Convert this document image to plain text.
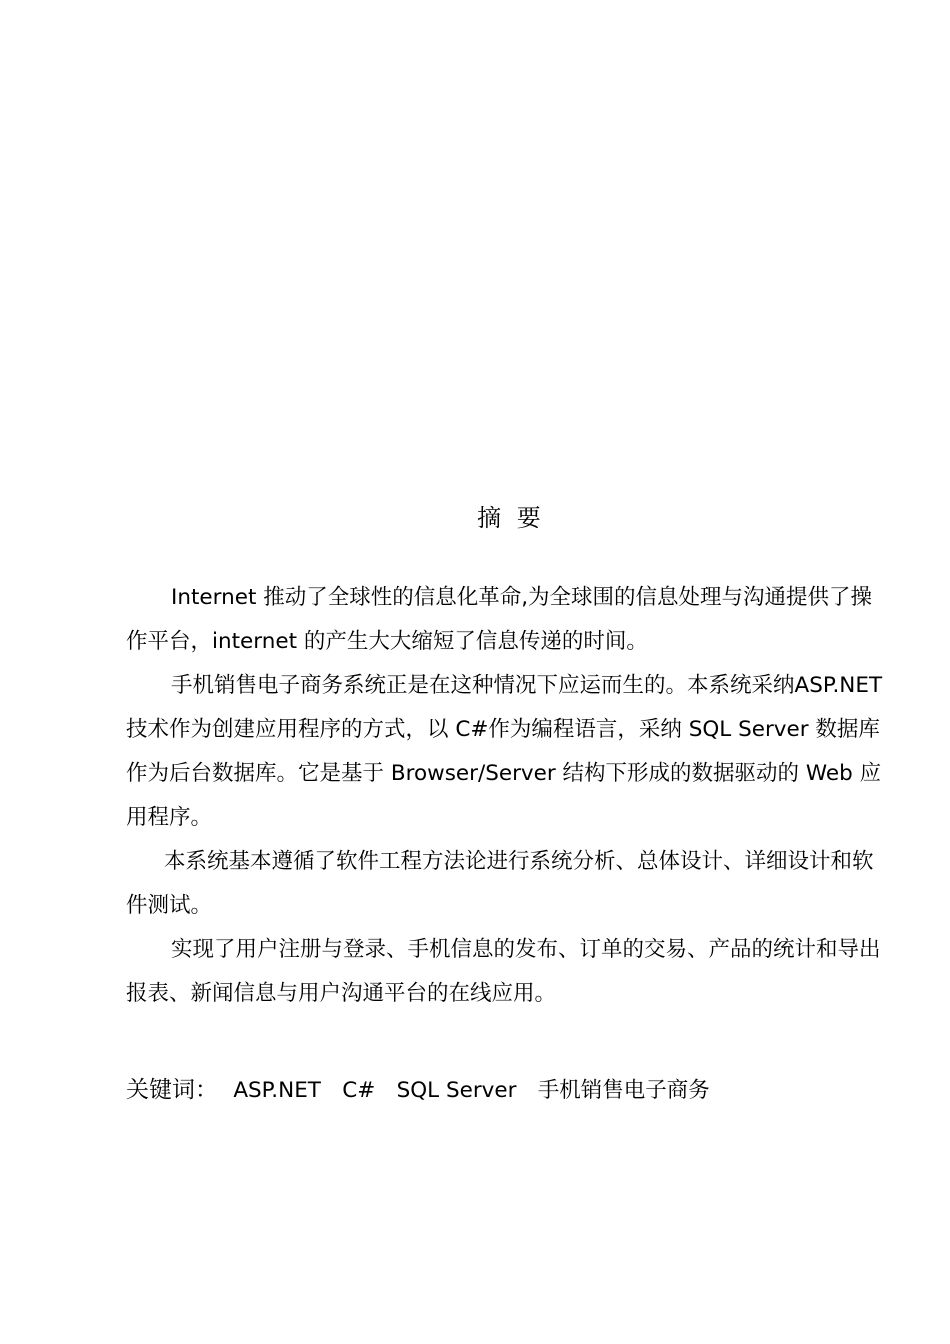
摘 要

Internet 推动了全球性的信息化革命,为全球围的信息处理与沟通提供了操作平台，internet 的产生大大缩短了信息传递的时间。

手机销售电子商务系统正是在这种情况下应运而生的。本系统采纳ASP.NET 技术作为创建应用程序的方式，以 C#作为编程语言，采纳 SQL Server 数据库作为后台数据库。它是基于 Browser/Server 结构下形成的数据驱动的 Web 应用程序。

本系统基本遵循了软件工程方法论进行系统分析、总体设计、详细设计和软件测试。

实现了用户注册与登录、手机信息的发布、订单的交易、产品的统计和导出报表、新闻信息与用户沟通平台的在线应用。

关键词： ASP.NET C# SQL Server 手机销售电子商务
